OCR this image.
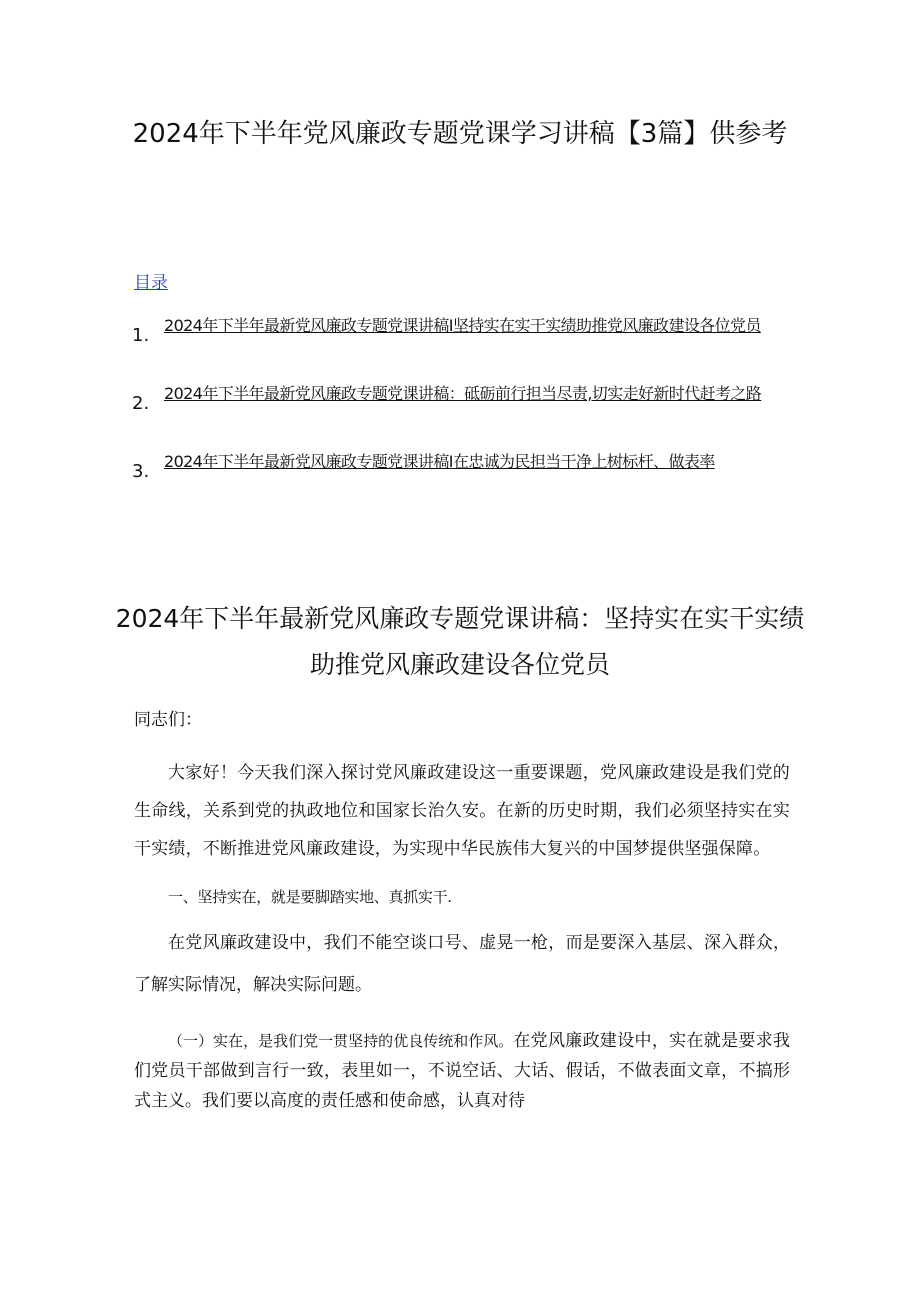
2024年下半年党风廉政专题党课学习讲稿【3篇】供参考
目录
1. 2024年下半年最新党风廉政专题党课讲稿I坚持实在实干实绩助推党风廉政建设各位党员
2. 2024年下半年最新党风廉政专题党课讲稿：砥砺前行担当尽责,切实走好新时代赶考之路
3. 2024年下半年最新党风廉政专题党课讲稿I在忠诚为民担当干净上树标杆、做表率
2024年下半年最新党风廉政专题党课讲稿：坚持实在实干实绩助推党风廉政建设各位党员

同志们：

大家好！今天我们深入探讨党风廉政建设这一重要课题，党风廉政建设是我们党的生命线，关系到党的执政地位和国家长治久安。在新的历史时期，我们必须坚持实在实干实绩，不断推进党风廉政建设，为实现中华民族伟大复兴的中国梦提供坚强保障。

一、坚持实在，就是要脚踏实地、真抓实干.

在党风廉政建设中，我们不能空谈口号、虚晃一枪，而是要深入基层、深入群众，了解实际情况，解决实际问题。

（一）实在，是我们党一贯坚持的优良传统和作风。在党风廉政建设中，实在就是要求我们党员干部做到言行一致，表里如一，不说空话、大话、假话，不做表面文章，不搞形式主义。我们要以高度的责任感和使命感，认真对待
